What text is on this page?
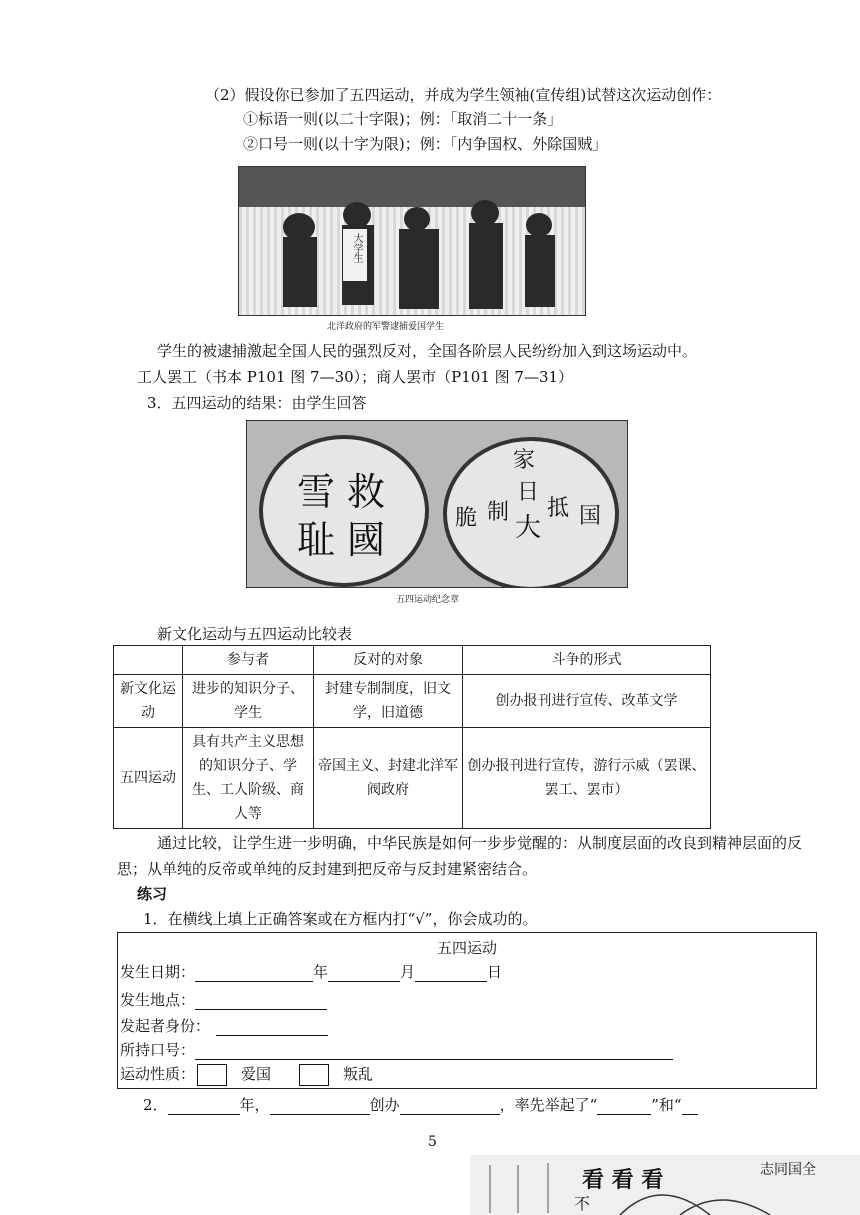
（2）假设你已参加了五四运动，并成为学生领袖(宣传组)试替这次运动创作：
①标语一则(以二十字限)；例：「取消二十一条」
②口号一则(以十字为限)；例：「内争国权、外除国贼」
大学生
北洋政府的军警逮捕爱国学生
学生的被逮捕激起全国人民的强烈反对，全国各阶层人民纷纷加入到这场运动中。
工人罢工（书本 P101 图 7—30）；商人罢市（P101 图 7—31）
3．五四运动的结果：由学生回答
雪 救
耻 國
家
日
抵
制
脆	国
大
五四运动纪念章
新文化运动与五四运动比较表
	参与者	反对的对象	斗争的形式
新文化运动	进步的知识分子、学生	封建专制制度，旧文学，旧道德	创办报刊进行宣传、改革文学
五四运动	具有共产主义思想的知识分子、学生、工人阶级、商人等	帝国主义、封建北洋军阀政府	创办报刊进行宣传，游行示威（罢课、罢工、罢市）
通过比较，让学生进一步明确，中华民族是如何一步步觉醒的：从制度层面的改良到精神层面的反思；从单纯的反帝或单纯的反封建到把反帝与反封建紧密结合。
练习
1．在横线上填上正确答案或在方框内打“√”，你会成功的。
五四运动
发生日期：	年	月	日
发生地点：
发起者身份：
所持口号：
运动性质：	爱国	叛乱
2．	年，	创办	，率先举起了“	”和“
5
看 看 看	志同国全
不
